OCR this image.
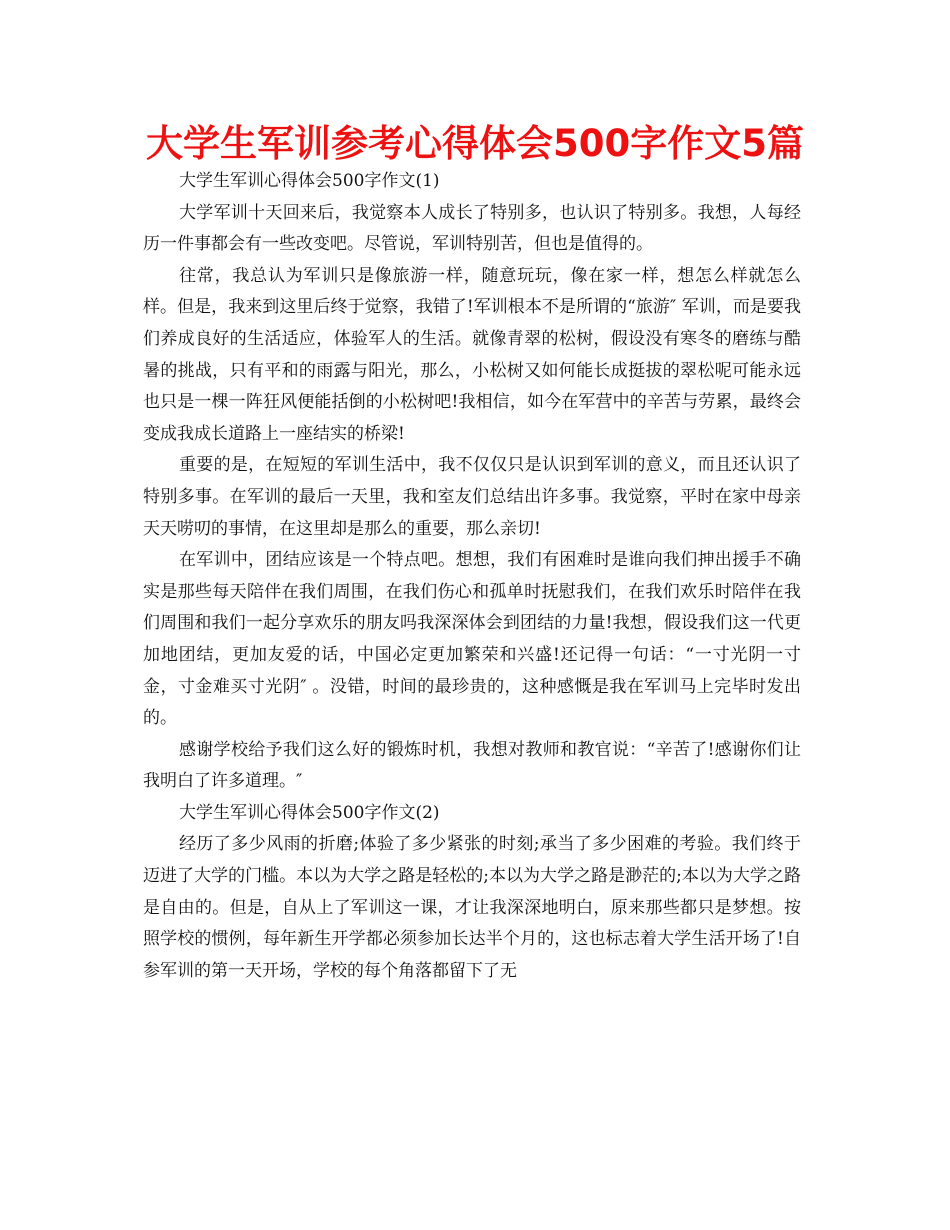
大学生军训参考心得体会500字作文5篇

大学生军训心得体会500字作文(1)

大学军训十天回来后，我觉察本人成长了特别多，也认识了特别多。我想，人每经历一件事都会有一些改变吧。尽管说，军训特别苦，但也是值得的。

往常，我总认为军训只是像旅游一样，随意玩玩，像在家一样，想怎么样就怎么样。但是，我来到这里后终于觉察，我错了!军训根本不是所谓的“旅游″ 军训，而是要我们养成良好的生活适应，体验军人的生活。就像青翠的松树，假设没有寒冬的磨练与酷暑的挑战，只有平和的雨露与阳光，那么，小松树又如何能长成挺拔的翠松呢可能永远也只是一棵一阵狂风便能括倒的小松树吧!我相信，如今在军营中的辛苦与劳累，最终会变成我成长道路上一座结实的桥梁!

重要的是，在短短的军训生活中，我不仅仅只是认识到军训的意义，而且还认识了特别多事。在军训的最后一天里，我和室友们总结出许多事。我觉察，平时在家中母亲天天唠叨的事情，在这里却是那么的重要，那么亲切!

在军训中，团结应该是一个特点吧。想想，我们有困难时是谁向我们抻出援手不确实是那些每天陪伴在我们周围，在我们伤心和孤单时抚慰我们，在我们欢乐时陪伴在我们周围和我们一起分享欢乐的朋友吗我深深体会到团结的力量!我想，假设我们这一代更加地团结，更加友爱的话，中国必定更加繁荣和兴盛!还记得一句话：“一寸光阴一寸金，寸金难买寸光阴″ 。没错，时间的最珍贵的，这种感慨是我在军训马上完毕时发出的。

感谢学校给予我们这么好的锻炼时机，我想对教师和教官说：“辛苦了!感谢你们让我明白了许多道理。″

大学生军训心得体会500字作文(2)

经历了多少风雨的折磨;体验了多少紧张的时刻;承当了多少困难的考验。我们终于迈进了大学的门槛。本以为大学之路是轻松的;本以为大学之路是渺茫的;本以为大学之路是自由的。但是，自从上了军训这一课，才让我深深地明白，原来那些都只是梦想。按照学校的惯例，每年新生开学都必须参加长达半个月的，这也标志着大学生活开场了!自参军训的第一天开场，学校的每个角落都留下了无
